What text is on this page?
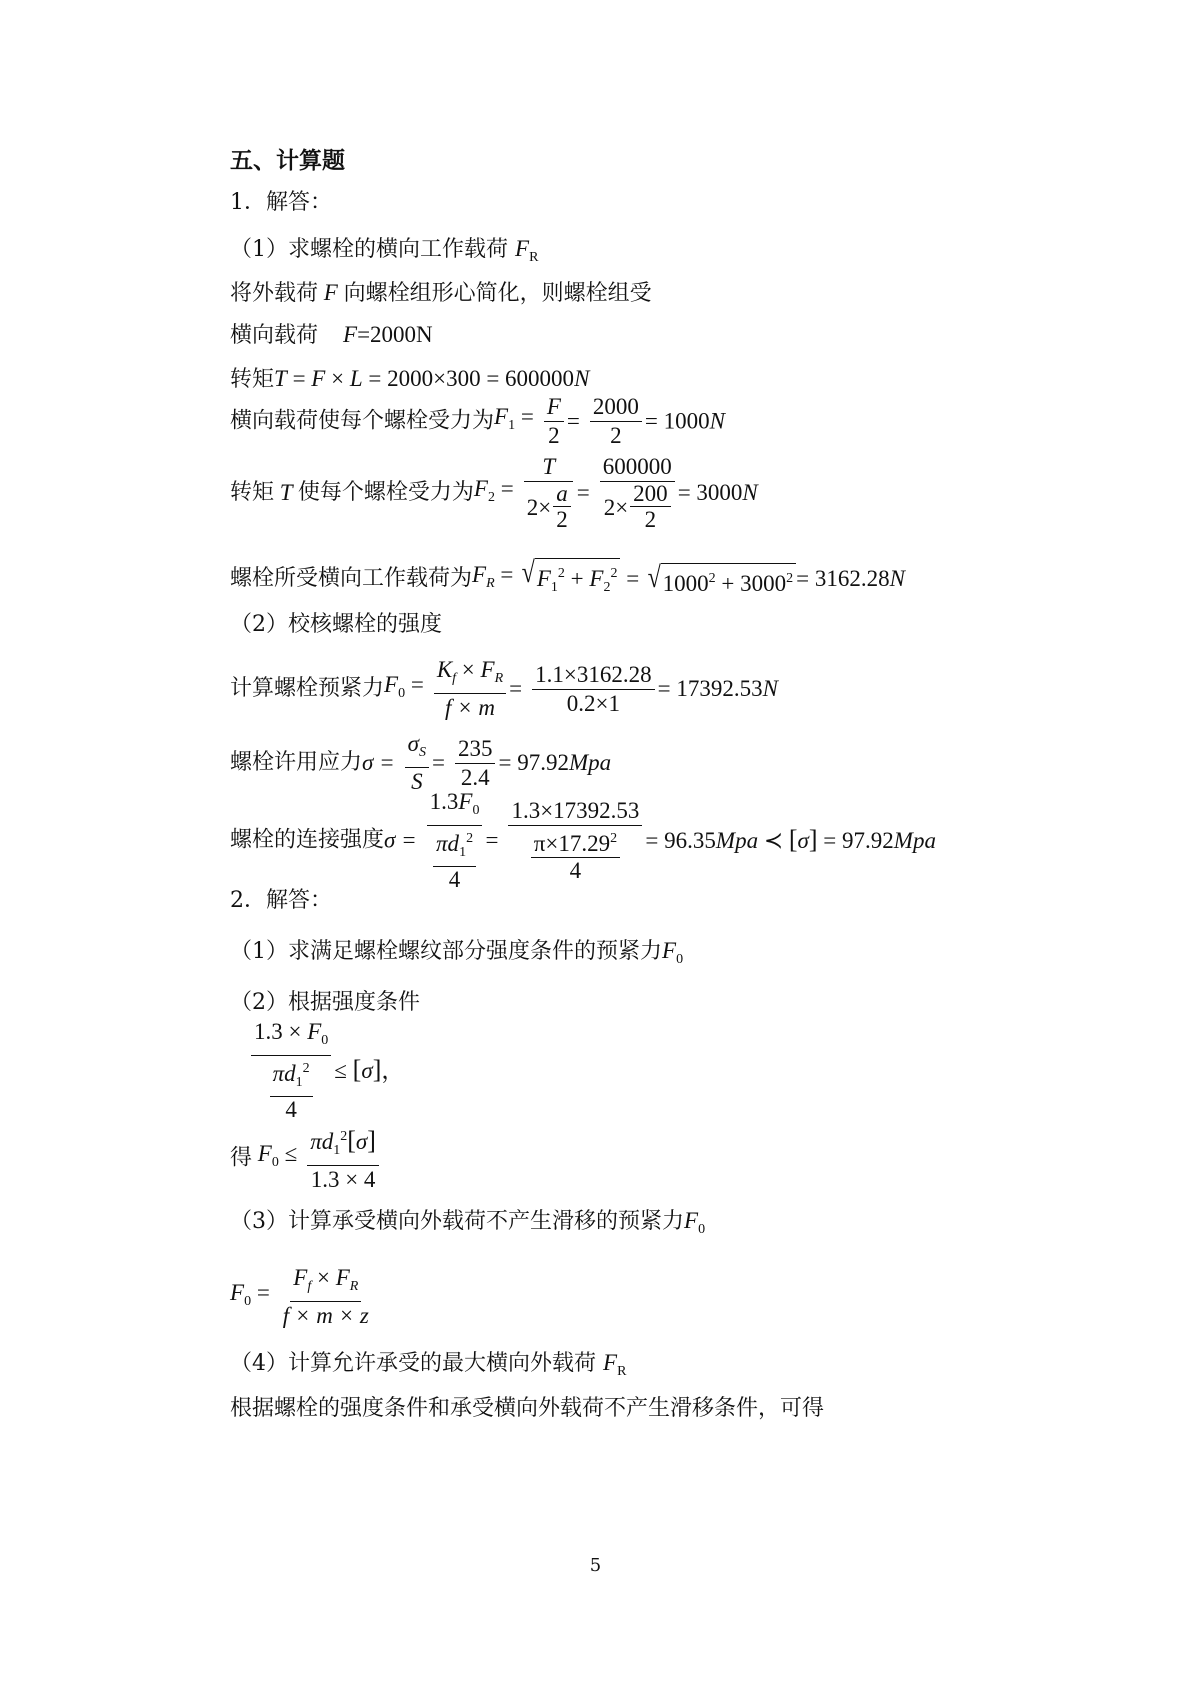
五、计算题
1．解答：
（1）求螺栓的横向工作载荷 $F_R$
将外载荷 F 向螺栓组形心简化，则螺栓组受
横向载荷 F=2000N
转矩T = F × L = 2000×300 = 600000N
横向载荷使每个螺栓受力为$F_1 = \frac{F}{2} = \frac{2000}{2} = 1000N$
转矩 T 使每个螺栓受力为$F_2 = \frac{T}{2\times \frac{a}{2}} = \frac{600000}{2\times \frac{200}{2}} = 3000N$
螺栓所受横向工作载荷为$F_R$ = √ $F_1^2 + F_2^2$ = √ $1000^2 + 3000^2 = 3162.28N$
（2）校核螺栓的强度
计算螺栓预紧力$F_0 = \frac{K_f \times F_R}{f \times m} = \frac{1.1\times 3162.28}{0.2\times 1} = 17392.53N$
螺栓许用应力$\sigma = \frac{\sigma_S}{S} = \frac{235}{2.4} = 97.92Mpa$
螺栓的连接强度$\sigma = \frac{1.3F_0}{\frac{\pi d_1^2}{4}} = \frac{1.3\times 17392.53}{\frac{\pi\times 17.29^2}{4}} = 96.35Mpa$ ≺ [σ] = 97.92Mpa
2．解答：
（1）求满足螺栓螺纹部分强度条件的预紧力$F_0$
（2）根据强度条件
$\frac{1.3 \times F_0}{\frac{\pi d_1^2}{4}} \le [\sigma]$，
得 $F_0 \le \frac{\pi d_1^2[\sigma]}{1.3 \times 4}$
（3）计算承受横向外载荷不产生滑移的预紧力$F_0$
$F_0 = \frac{F_f \times F_R}{f \times m \times z}$
（4）计算允许承受的最大横向外载荷 $F_R$
根据螺栓的强度条件和承受横向外载荷不产生滑移条件，可得
5
